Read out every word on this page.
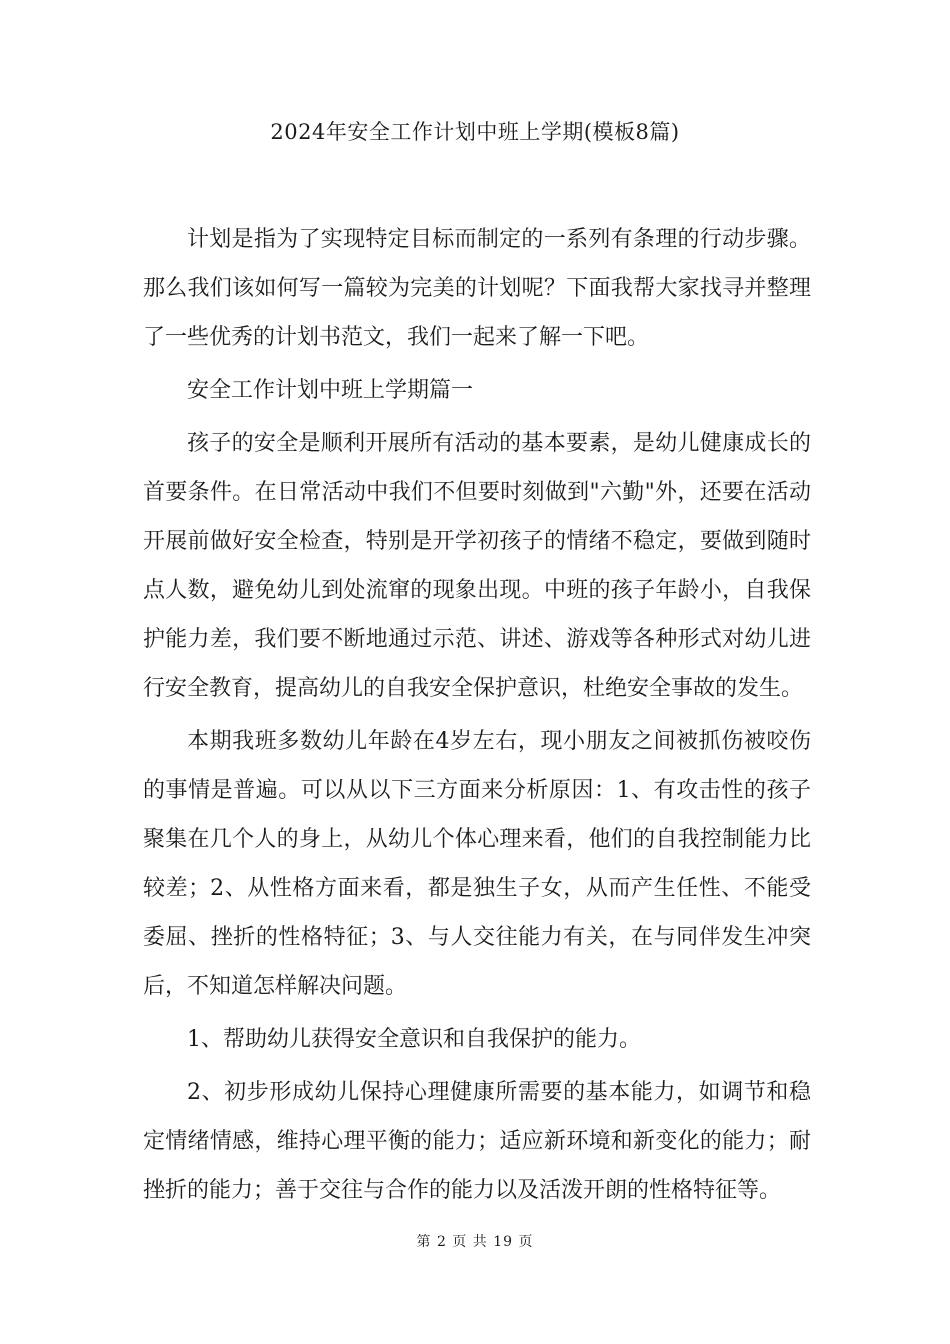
2024年安全工作计划中班上学期(模板8篇)

计划是指为了实现特定目标而制定的一系列有条理的行动步骤。那么我们该如何写一篇较为完美的计划呢？下面我帮大家找寻并整理了一些优秀的计划书范文，我们一起来了解一下吧。

安全工作计划中班上学期篇一

孩子的安全是顺利开展所有活动的基本要素，是幼儿健康成长的首要条件。在日常活动中我们不但要时刻做到"六勤"外，还要在活动开展前做好安全检查，特别是开学初孩子的情绪不稳定，要做到随时点人数，避免幼儿到处流窜的现象出现。中班的孩子年龄小，自我保护能力差，我们要不断地通过示范、讲述、游戏等各种形式对幼儿进行安全教育，提高幼儿的自我安全保护意识，杜绝安全事故的发生。

本期我班多数幼儿年龄在4岁左右，现小朋友之间被抓伤被咬伤的事情是普遍。可以从以下三方面来分析原因：1、有攻击性的孩子聚集在几个人的身上，从幼儿个体心理来看，他们的自我控制能力比较差；2、从性格方面来看，都是独生子女，从而产生任性、不能受委屈、挫折的性格特征；3、与人交往能力有关，在与同伴发生冲突后，不知道怎样解决问题。

1、帮助幼儿获得安全意识和自我保护的能力。

2、初步形成幼儿保持心理健康所需要的基本能力，如调节和稳定情绪情感，维持心理平衡的能力；适应新环境和新变化的能力；耐挫折的能力；善于交往与合作的能力以及活泼开朗的性格特征等。

第 2 页 共 19 页
